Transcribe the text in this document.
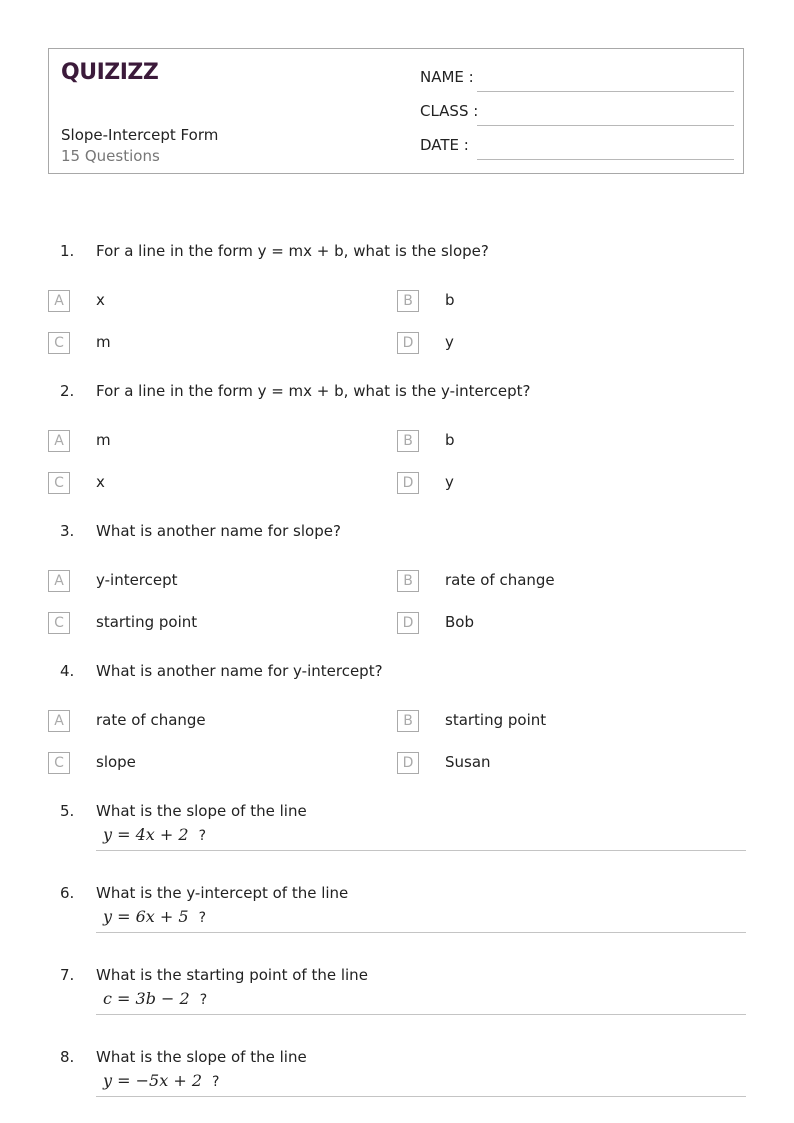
QUIZIZZ
Slope-Intercept Form
15 Questions
NAME :
CLASS :
DATE :
1. For a line in the form y = mx + b, what is the slope?
A	x	B	b
C	m	D	y
2. For a line in the form y = mx + b, what is the y-intercept?
A	m	B	b
C	x	D	y
3. What is another name for slope?
A	y-intercept	B	rate of change
C	starting point	D	Bob
4. What is another name for y-intercept?
A	rate of change	B	starting point
C	slope	D	Susan
5. What is the slope of the line
y = 4x + 2 ?
6. What is the y-intercept of the line
y = 6x + 5 ?
7. What is the starting point of the line
c = 3b − 2 ?
8. What is the slope of the line
y = −5x + 2 ?
